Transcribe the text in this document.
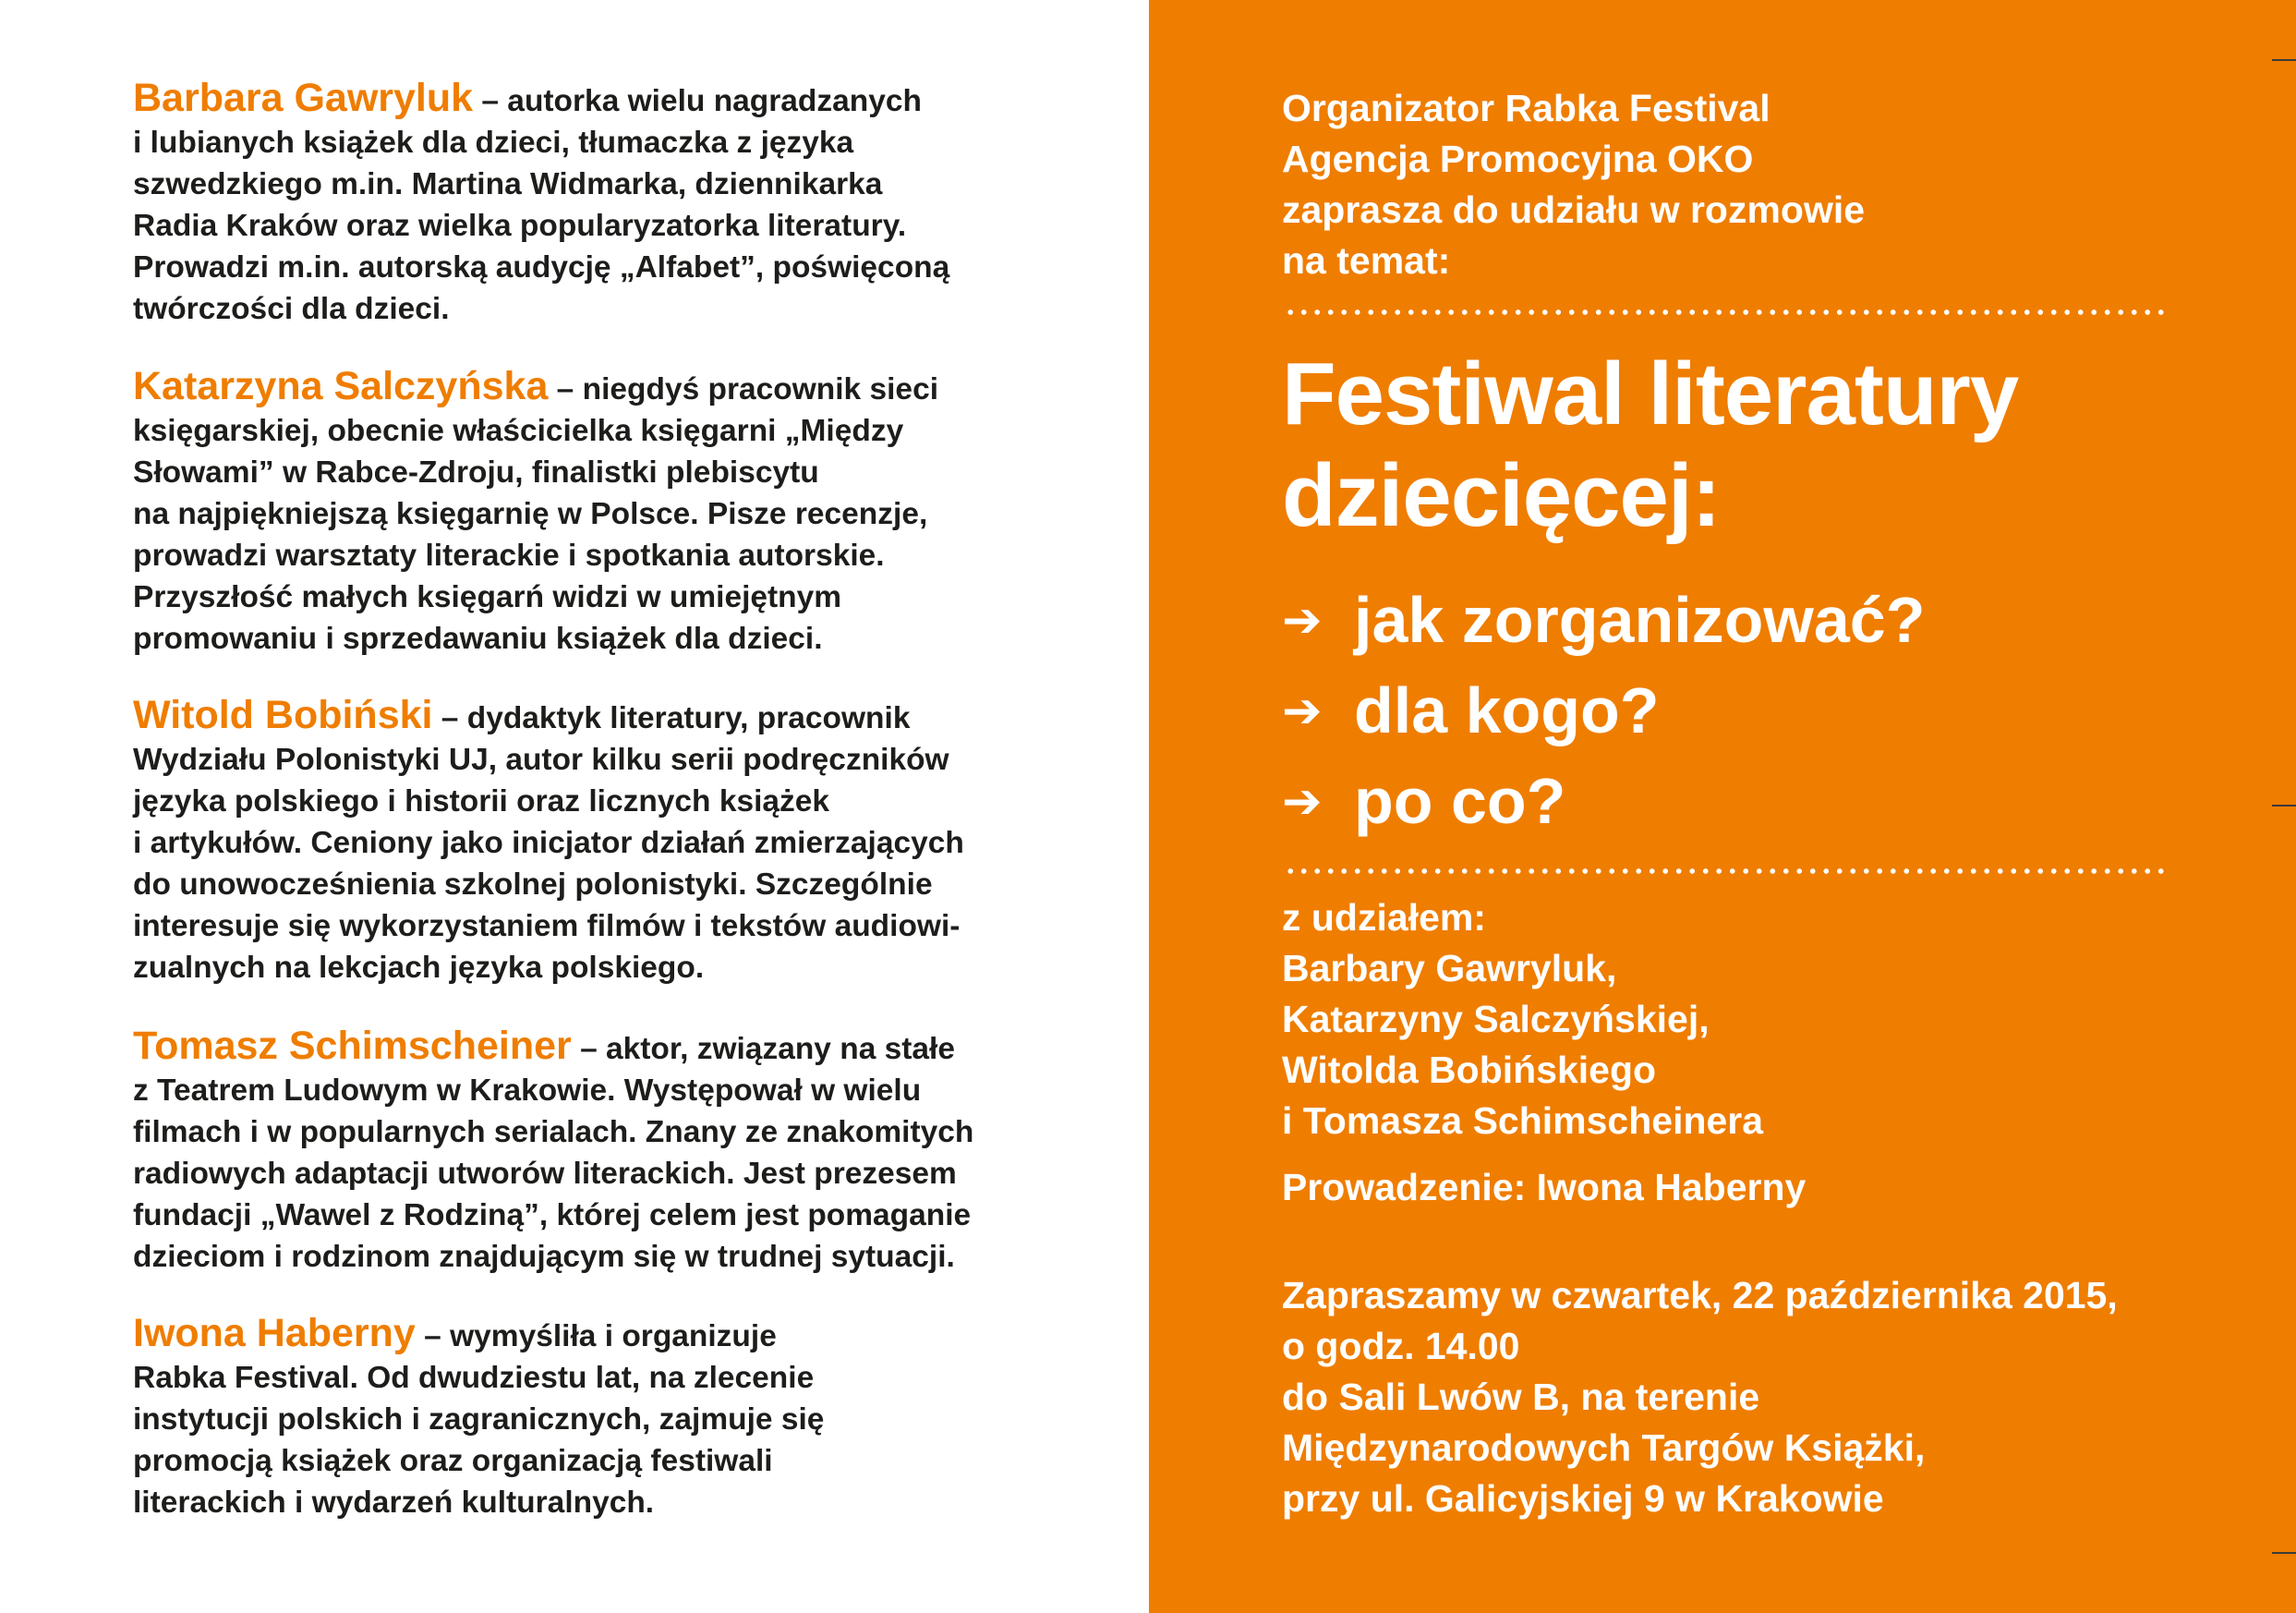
Barbara Gawryluk – autorka wielu nagradzanych
i lubianych książek dla dzieci, tłumaczka z języka
szwedzkiego m.in. Martina Widmarka, dziennikarka
Radia Kraków oraz wielka popularyzatorka literatury.
Prowadzi m.in. autorską audycję „Alfabet”, poświęconą
twórczości dla dzieci.

Katarzyna Salczyńska – niegdyś pracownik sieci
księgarskiej, obecnie właścicielka księgarni „Między
Słowami” w Rabce-Zdroju, finalistki plebiscytu
na najpiękniejszą księgarnię w Polsce. Pisze recenzje,
prowadzi warsztaty literackie i spotkania autorskie.
Przyszłość małych księgarń widzi w umiejętnym
promowaniu i sprzedawaniu książek dla dzieci.

Witold Bobiński – dydaktyk literatury, pracownik
Wydziału Polonistyki UJ, autor kilku serii podręczników
języka polskiego i historii oraz licznych książek
i artykułów. Ceniony jako inicjator działań zmierzających
do unowocześnienia szkolnej polonistyki. Szczególnie
interesuje się wykorzystaniem filmów i tekstów audiowi-
zualnych na lekcjach języka polskiego.

Tomasz Schimscheiner – aktor, związany na stałe
z Teatrem Ludowym w Krakowie. Występował w wielu
filmach i w popularnych serialach. Znany ze znakomitych
radiowych adaptacji utworów literackich. Jest prezesem
fundacji „Wawel z Rodziną”, której celem jest pomaganie
dzieciom i rodzinom znajdującym się w trudnej sytuacji.

Iwona Haberny – wymyśliła i organizuje
Rabka Festival. Od dwudziestu lat, na zlecenie
instytucji polskich i zagranicznych, zajmuje się
promocją książek oraz organizacją festiwali
literackich i wydarzeń kulturalnych.

Organizator Rabka Festival
Agencja Promocyjna OKO
zaprasza do udziału w rozmowie
na temat:
Festiwal literatury
dziecięcej:
➔ jak zorganizować?
➔ dla kogo?
➔ po co?
z udziałem:
Barbary Gawryluk,
Katarzyny Salczyńskiej,
Witolda Bobińskiego
i Tomasza Schimscheinera
Prowadzenie: Iwona Haberny
Zapraszamy w czwartek, 22 października 2015,
o godz. 14.00
do Sali Lwów B, na terenie
Międzynarodowych Targów Książki,
przy ul. Galicyjskiej 9 w Krakowie
